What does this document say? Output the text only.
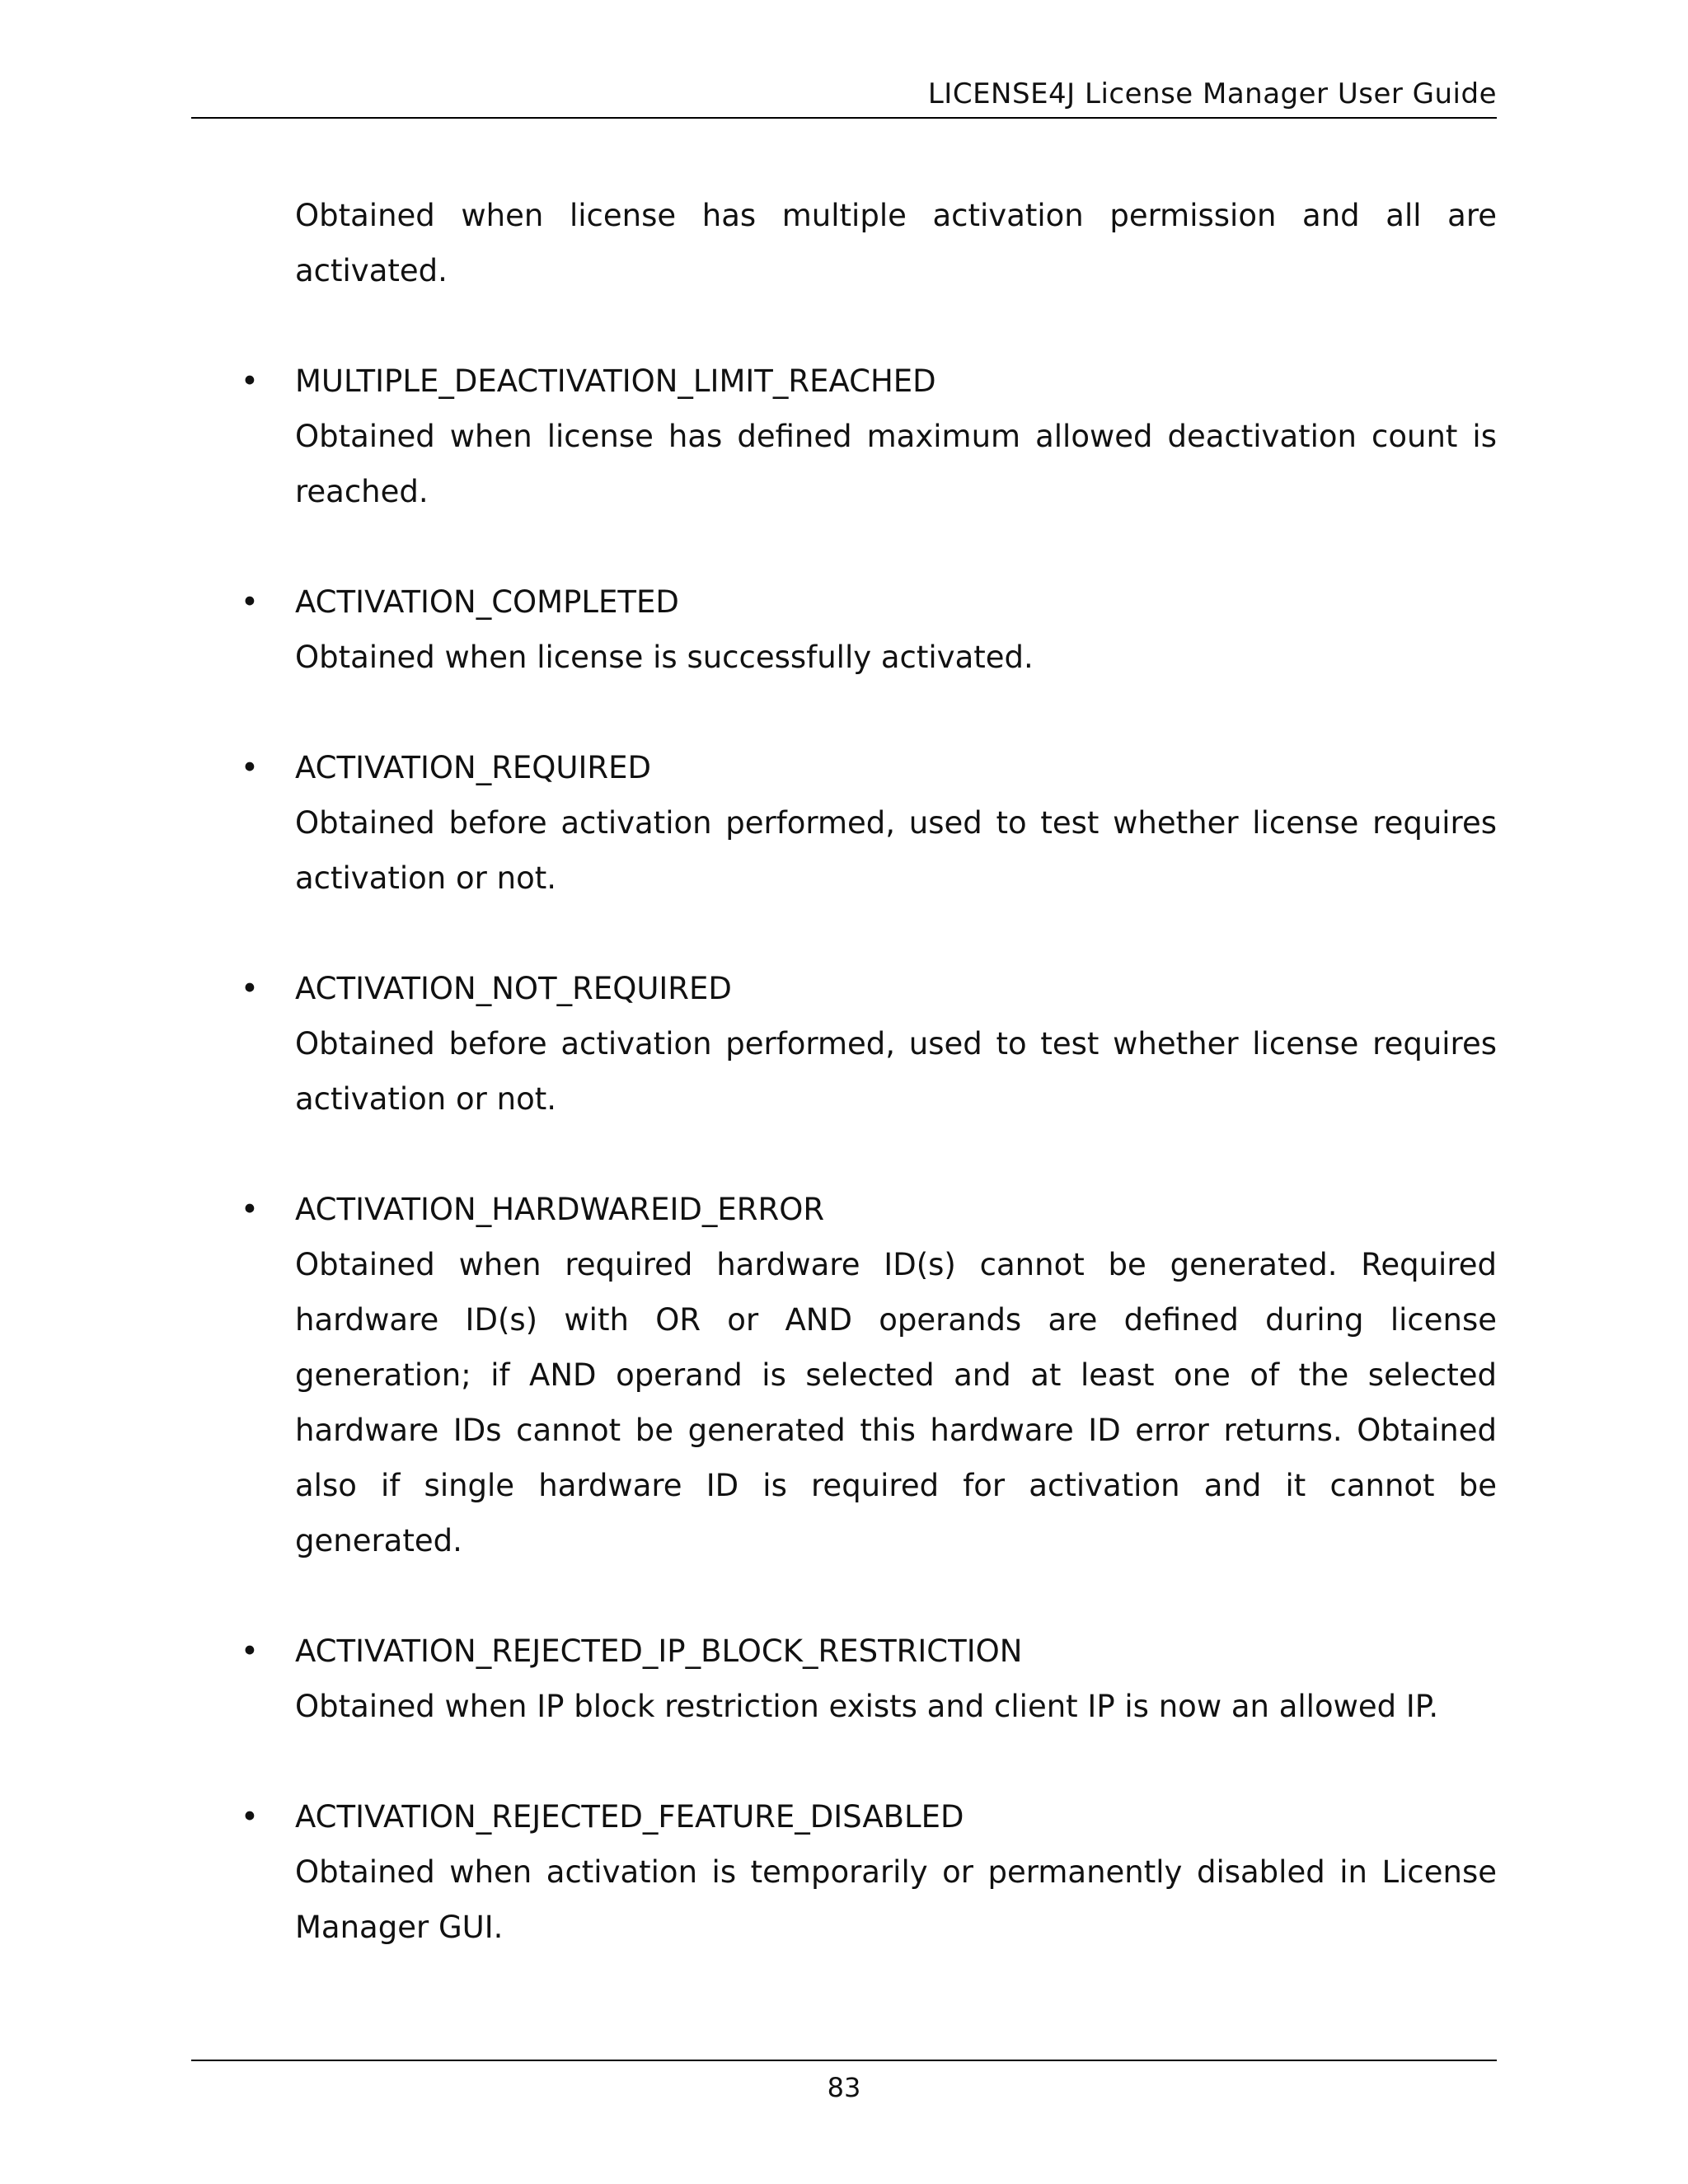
LICENSE4J License Manager User Guide

Obtained when license has multiple activation permission and all are activated.

• MULTIPLE_DEACTIVATION_LIMIT_REACHED

Obtained when license has defined maximum allowed deactivation count is reached.

• ACTIVATION_COMPLETED

Obtained when license is successfully activated.

• ACTIVATION_REQUIRED

Obtained before activation performed, used to test whether license requires activation or not.

• ACTIVATION_NOT_REQUIRED

Obtained before activation performed, used to test whether license requires activation or not.

• ACTIVATION_HARDWAREID_ERROR

Obtained when required hardware ID(s) cannot be generated. Required hardware ID(s) with OR or AND operands are defined during license generation; if AND operand is selected and at least one of the selected hardware IDs cannot be generated this hardware ID error returns. Obtained also if single hardware ID is required for activation and it cannot be generated.

• ACTIVATION_REJECTED_IP_BLOCK_RESTRICTION

Obtained when IP block restriction exists and client IP is now an allowed IP.

• ACTIVATION_REJECTED_FEATURE_DISABLED

Obtained when activation is temporarily or permanently disabled in License Manager GUI.

83
